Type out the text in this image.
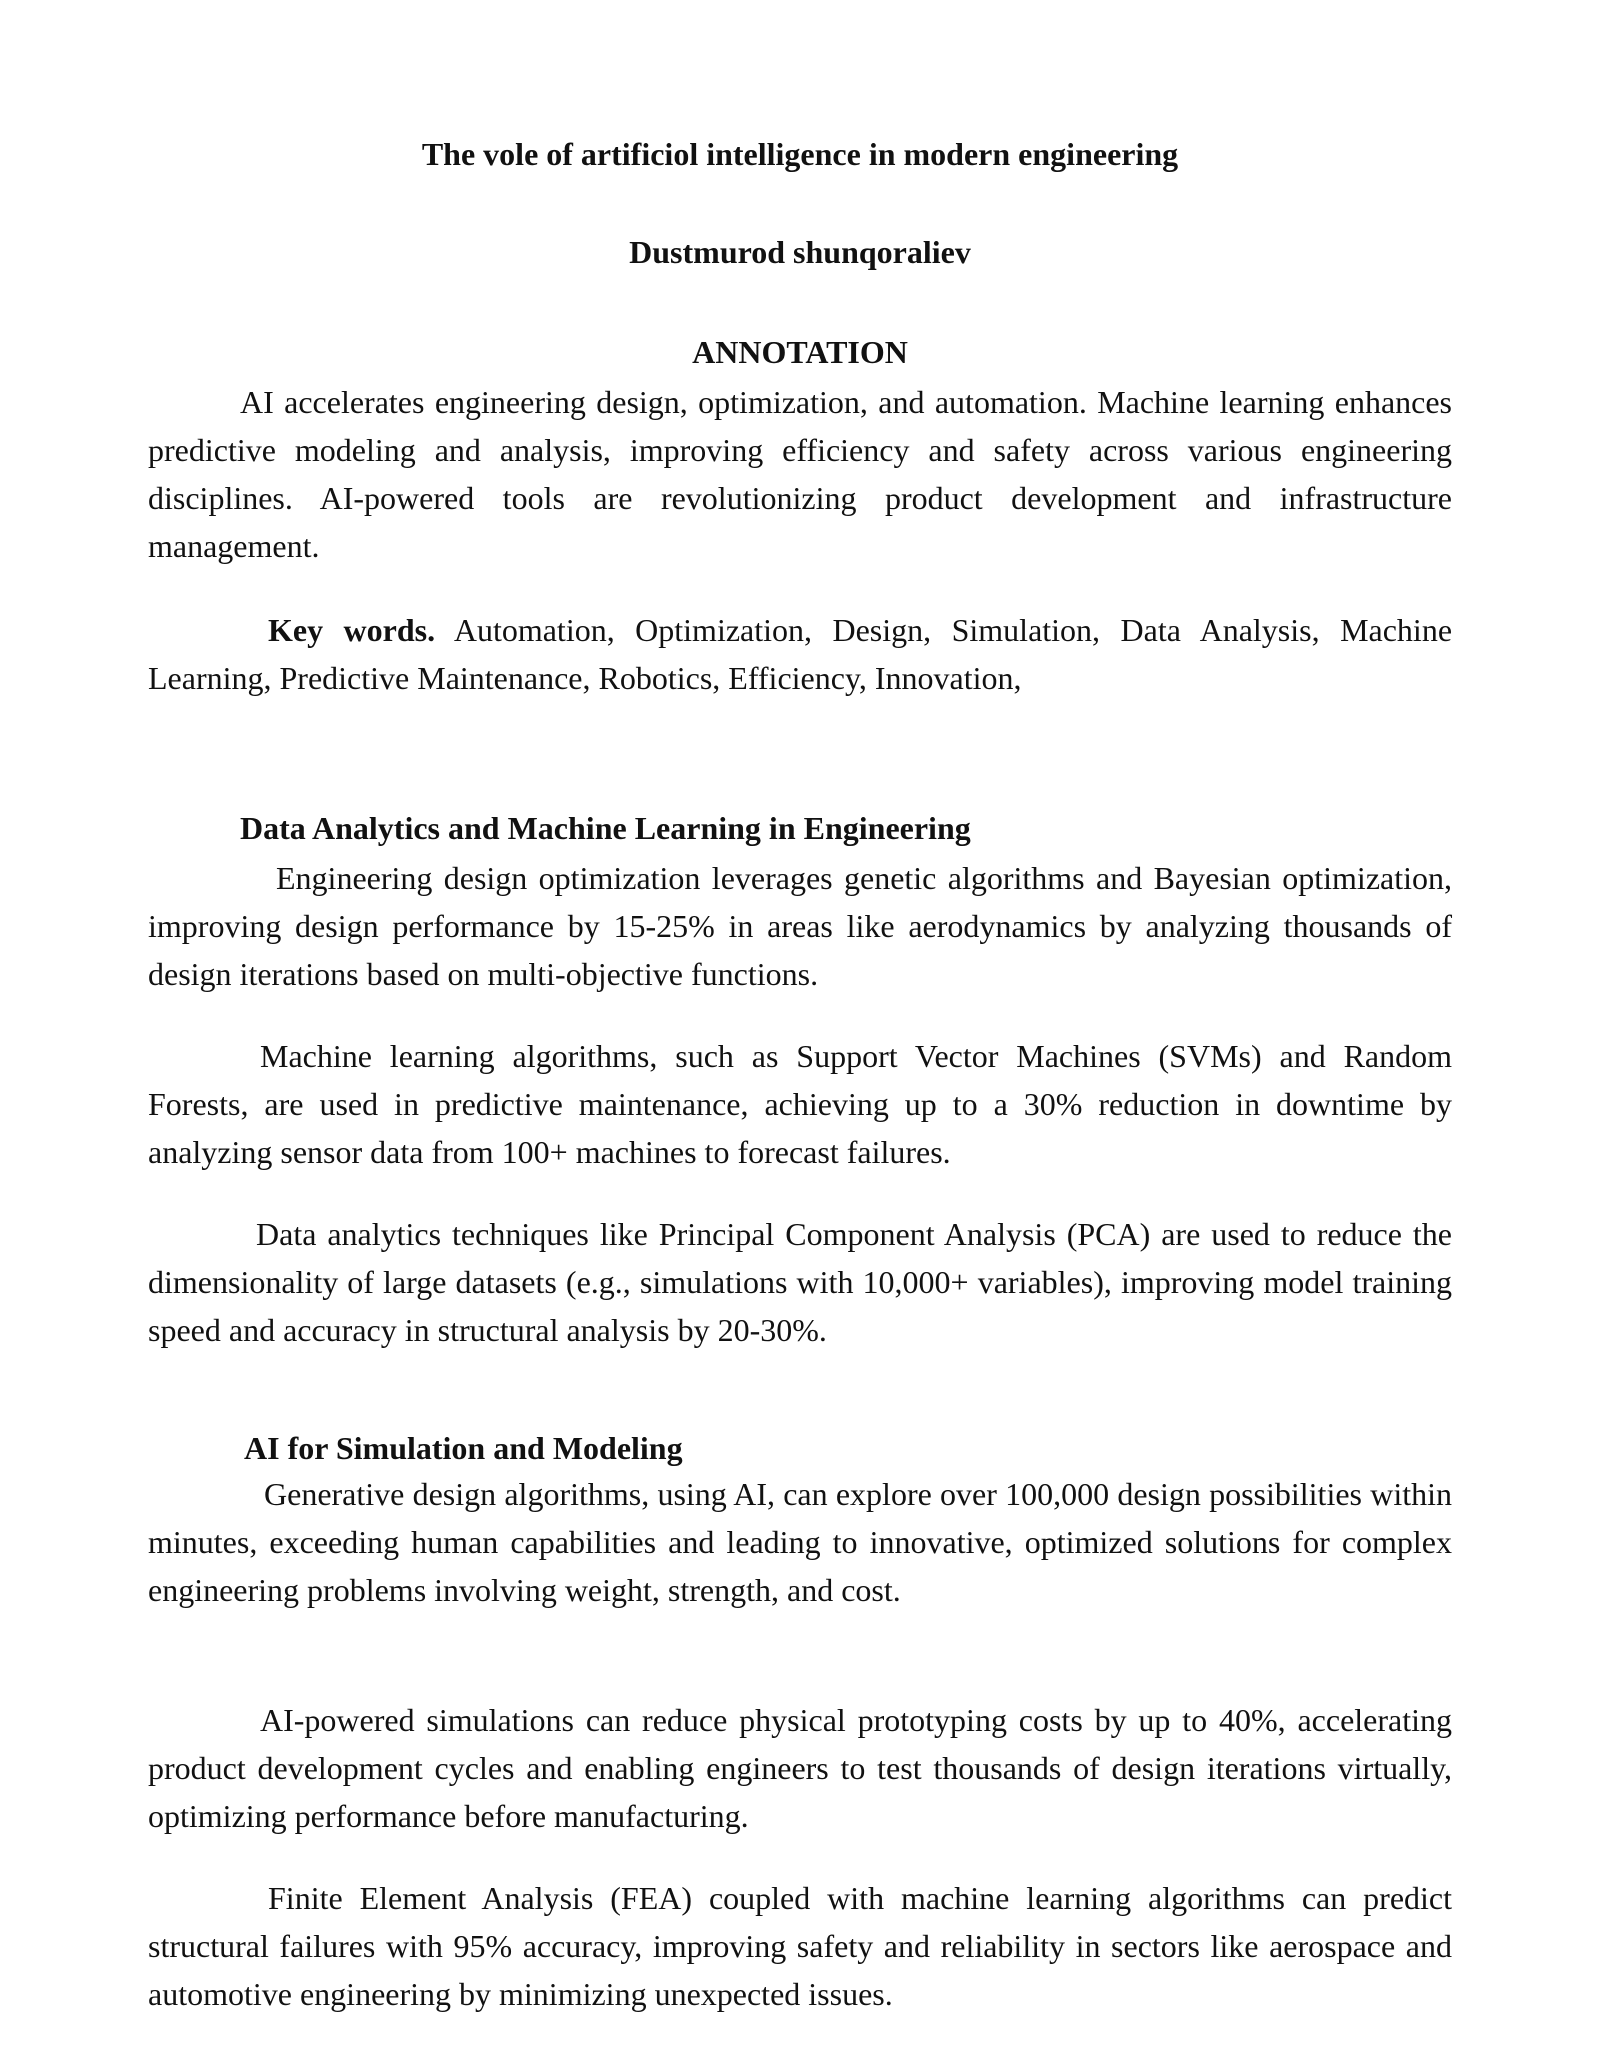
The vole of artificiol intelligence in modern engineering
Dustmurod shunqoraliev
ANNOTATION
AI accelerates engineering design, optimization, and automation. Machine learning enhances predictive modeling and analysis, improving efficiency and safety across various engineering disciplines. AI-powered tools are revolutionizing product development and infrastructure management.
Key words. Automation, Optimization, Design, Simulation, Data Analysis, Machine Learning, Predictive Maintenance, Robotics, Efficiency, Innovation,
Data Analytics and Machine Learning in Engineering
Engineering design optimization leverages genetic algorithms and Bayesian optimization, improving design performance by 15-25% in areas like aerodynamics by analyzing thousands of design iterations based on multi-objective functions.
Machine learning algorithms, such as Support Vector Machines (SVMs) and Random Forests, are used in predictive maintenance, achieving up to a 30% reduction in downtime by analyzing sensor data from 100+ machines to forecast failures.
Data analytics techniques like Principal Component Analysis (PCA) are used to reduce the dimensionality of large datasets (e.g., simulations with 10,000+ variables), improving model training speed and accuracy in structural analysis by 20-30%.
AI for Simulation and Modeling
Generative design algorithms, using AI, can explore over 100,000 design possibilities within minutes, exceeding human capabilities and leading to innovative, optimized solutions for complex engineering problems involving weight, strength, and cost.
AI-powered simulations can reduce physical prototyping costs by up to 40%, accelerating product development cycles and enabling engineers to test thousands of design iterations virtually, optimizing performance before manufacturing.
Finite Element Analysis (FEA) coupled with machine learning algorithms can predict structural failures with 95% accuracy, improving safety and reliability in sectors like aerospace and automotive engineering by minimizing unexpected issues.
